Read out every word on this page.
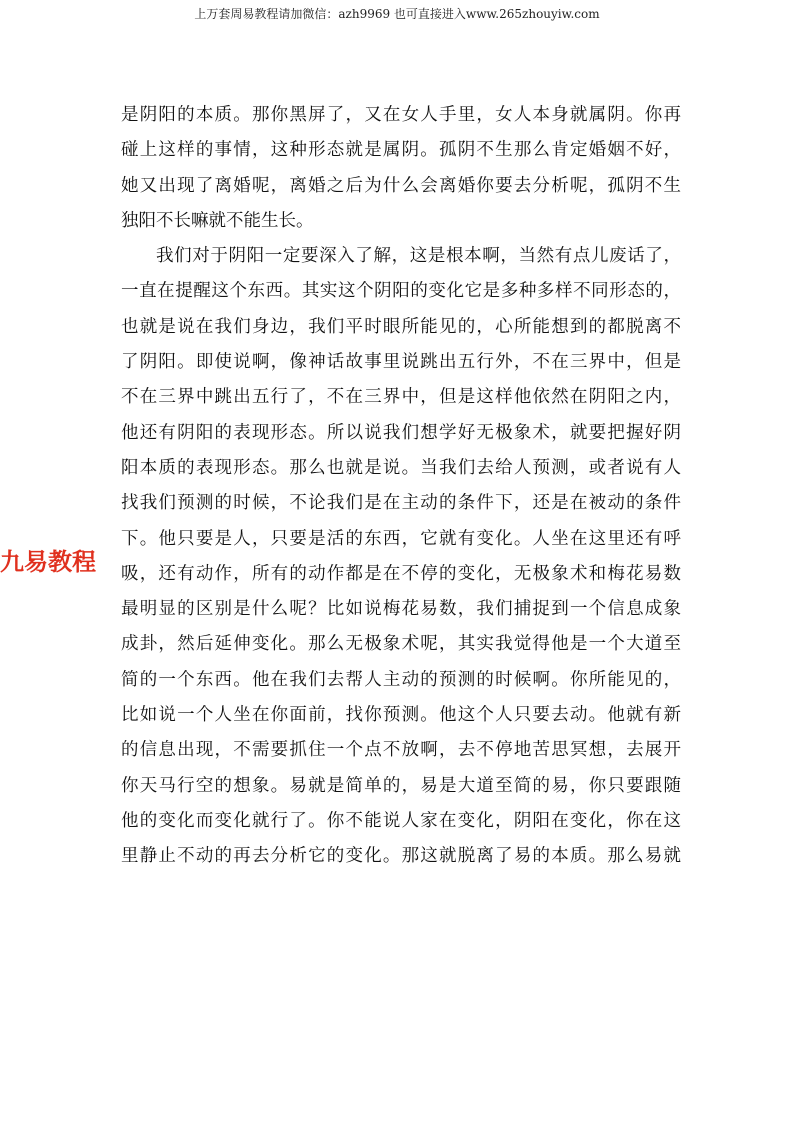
上万套周易教程请加微信：azh9969 也可直接进入www.265zhouyiw.com
九易教程
是阴阳的本质。那你黑屏了，又在女人手里，女人本身就属阴。你再
碰上这样的事情，这种形态就是属阴。孤阴不生那么肯定婚姻不好，
她又出现了离婚呢，离婚之后为什么会离婚你要去分析呢，孤阴不生
独阳不长嘛就不能生长。
我们对于阴阳一定要深入了解，这是根本啊，当然有点儿废话了，
一直在提醒这个东西。其实这个阴阳的变化它是多种多样不同形态的，
也就是说在我们身边，我们平时眼所能见的，心所能想到的都脱离不
了阴阳。即使说啊，像神话故事里说跳出五行外，不在三界中，但是
不在三界中跳出五行了，不在三界中，但是这样他依然在阴阳之内，
他还有阴阳的表现形态。所以说我们想学好无极象术，就要把握好阴
阳本质的表现形态。那么也就是说。当我们去给人预测，或者说有人
找我们预测的时候，不论我们是在主动的条件下，还是在被动的条件
下。他只要是人，只要是活的东西，它就有变化。人坐在这里还有呼
吸，还有动作，所有的动作都是在不停的变化，无极象术和梅花易数
最明显的区别是什么呢？比如说梅花易数，我们捕捉到一个信息成象
成卦，然后延伸变化。那么无极象术呢，其实我觉得他是一个大道至
简的一个东西。他在我们去帮人主动的预测的时候啊。你所能见的，
比如说一个人坐在你面前，找你预测。他这个人只要去动。他就有新
的信息出现，不需要抓住一个点不放啊，去不停地苦思冥想，去展开
你天马行空的想象。易就是简单的，易是大道至简的易，你只要跟随
他的变化而变化就行了。你不能说人家在变化，阴阳在变化，你在这
里静止不动的再去分析它的变化。那这就脱离了易的本质。那么易就
